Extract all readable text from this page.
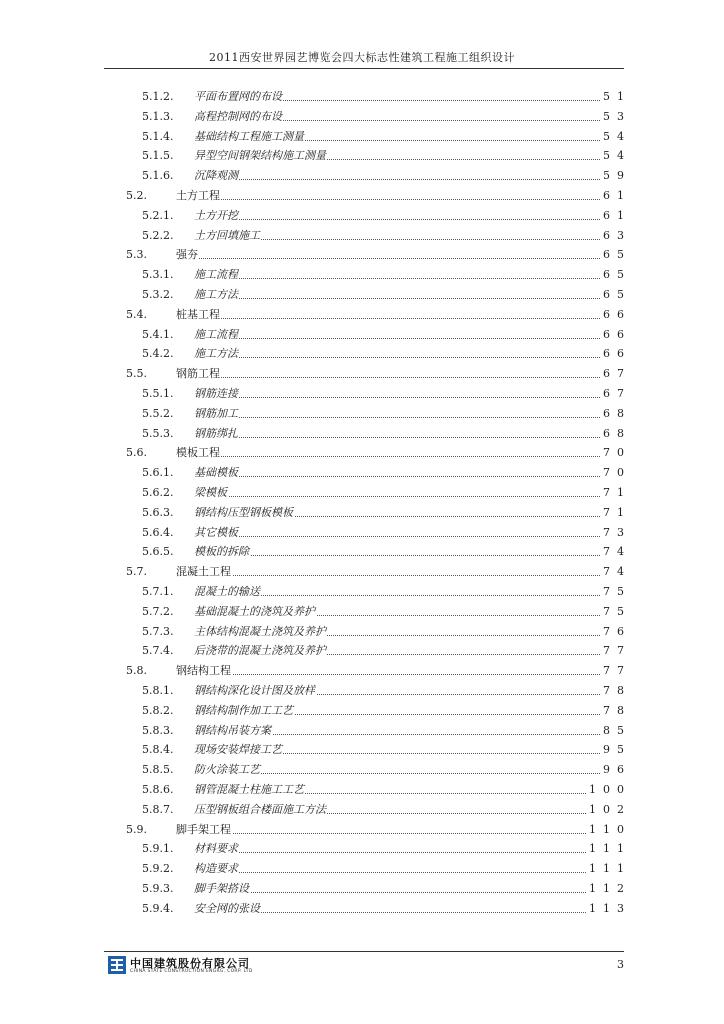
2011西安世界园艺博览会四大标志性建筑工程施工组织设计
5.1.2. 平面布置网的布设	51
5.1.3. 高程控制网的布设	53
5.1.4. 基础结构工程施工测量	54
5.1.5. 异型空间钢架结构施工测量	54
5.1.6. 沉降观测	59
5.2.	土方工程	61
5.2.1. 土方开挖	61
5.2.2. 土方回填施工	63
5.3.	强夯	65
5.3.1. 施工流程	65
5.3.2. 施工方法	65
5.4.	桩基工程	66
5.4.1. 施工流程	66
5.4.2. 施工方法	66
5.5.	钢筋工程	67
5.5.1. 钢筋连接	67
5.5.2. 钢筋加工	68
5.5.3. 钢筋绑扎	68
5.6.	模板工程	70
5.6.1. 基础模板	70
5.6.2. 梁模板	71
5.6.3. 钢结构压型钢板模板	71
5.6.4. 其它模板	73
5.6.5. 模板的拆除	74
5.7.	混凝土工程	74
5.7.1. 混凝土的输送	75
5.7.2. 基础混凝土的浇筑及养护	75
5.7.3. 主体结构混凝土浇筑及养护	76
5.7.4. 后浇带的混凝土浇筑及养护	77
5.8.	钢结构工程	77
5.8.1. 钢结构深化设计图及放样	78
5.8.2. 钢结构制作加工工艺	78
5.8.3. 钢结构吊装方案	85
5.8.4. 现场安装焊接工艺	95
5.8.5. 防火涂装工艺	96
5.8.6. 钢管混凝土柱施工工艺	100
5.8.7. 压型钢板组合楼面施工方法	102
5.9.	脚手架工程	110
5.9.1. 材料要求	111
5.9.2. 构造要求	111
5.9.3. 脚手架搭设	112
5.9.4. 安全网的张设	113
中国建筑股份有限公司
CHINA STATE CONSTRUCTION ENGRG. CORP. LTD
3
